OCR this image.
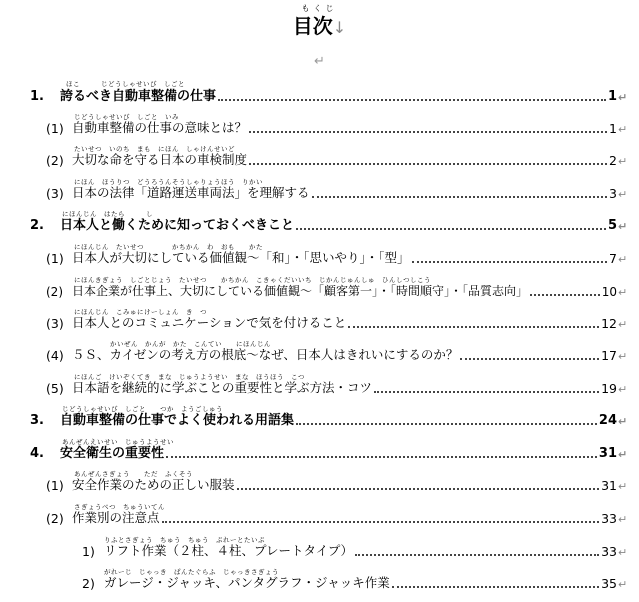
もくじ
目次↓
↵
ほこ　　　じどうしゃせいび　しごと
1.	誇るべき自動車整備の仕事	1 ↵
じどうしゃせいび　しごと　いみ
(1) 自動車整備の仕事の意味とは？	1 ↵
たいせつ　いのち　まも　にほん　しゃけんせいど
(2) 大切な命を守る日本の車検制度	2 ↵
にほん　ほうりつ　どうろうんそうしゃりょうほう　りかい
(3) 日本の法律「道路運送車両法」を理解する	3 ↵
にほんじん　はたら　　　し
2.	日本人と働くために知っておくべきこと	5 ↵
にほんじん　たいせつ　　　　かちかん　わ　おも　　かた
(1) 日本人が大切にしている価値観～「和」・「思いやり」・「型」	7 ↵
にほんきぎょう　しごとじょう　たいせつ　　かちかん　こきゃくだいいち　じかんじゅんしゅ　ひんしつしこう
(2) 日本企業が仕事上、大切にしている価値観～「顧客第一」・「時間順守」・「品質志向」	10 ↵
にほんじん　こみゅにけーしょん　き　つ
(3) 日本人とのコミュニケーションで気を付けること	12 ↵
かいぜん　かんが　かた　こんてい　　にほんじん
(4) ５Ｓ、カイゼンの考え方の根底～なぜ、日本人はきれいにするのか？	17 ↵
にほんご　けいぞくてき　まな　じゅうようせい　まな　ほうほう　こつ
(5) 日本語を継続的に学ぶことの重要性と学ぶ方法・コツ	19 ↵
じどうしゃせいび　しごと　　つか　ようごしゅう
3.	自動車整備の仕事でよく使われる用語集	24 ↵
あんぜんえいせい　じゅうようせい
4.	安全衛生の重要性	31 ↵
あんぜんさぎょう　　ただ　ふくそう
(1) 安全作業のための正しい服装	31 ↵
さぎょうべつ　ちゅういてん
(2) 作業別の注意点	33 ↵
りふとさぎょう　ちゅう　ちゅう　ぷれーとたいぷ
1) リフト作業（２柱、４柱、プレートタイプ）	33 ↵
がれーじ　じゃっき　ぱんたぐらふ　じゃっきさぎょう
2) ガレージ・ジャッキ、パンタグラフ・ジャッキ作業	35 ↵
